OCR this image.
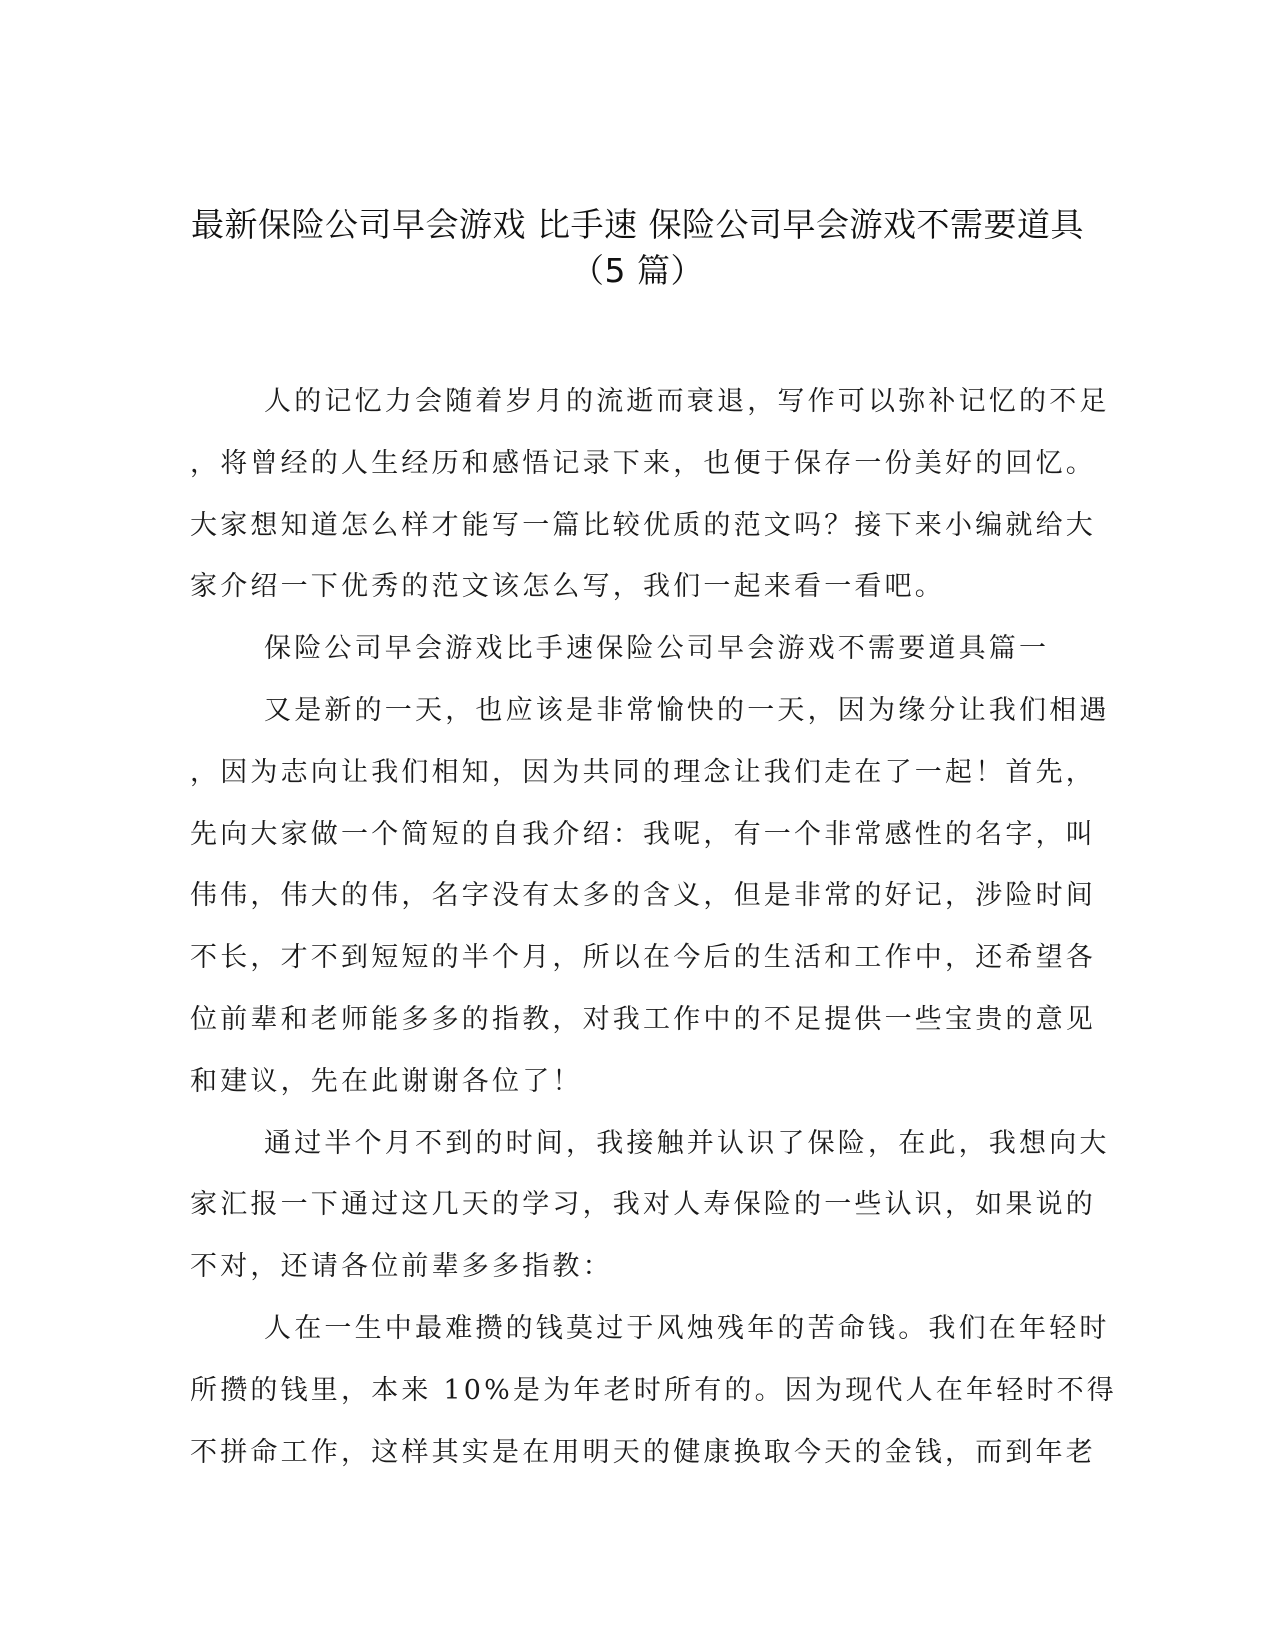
最新保险公司早会游戏 比手速 保险公司早会游戏不需要道具
（5 篇）
人的记忆力会随着岁月的流逝而衰退，写作可以弥补记忆的不足
，将曾经的人生经历和感悟记录下来，也便于保存一份美好的回忆。
大家想知道怎么样才能写一篇比较优质的范文吗？接下来小编就给大
家介绍一下优秀的范文该怎么写，我们一起来看一看吧。
保险公司早会游戏比手速保险公司早会游戏不需要道具篇一
又是新的一天，也应该是非常愉快的一天，因为缘分让我们相遇
，因为志向让我们相知，因为共同的理念让我们走在了一起！首先，
先向大家做一个简短的自我介绍：我呢，有一个非常感性的名字，叫
伟伟，伟大的伟，名字没有太多的含义，但是非常的好记，涉险时间
不长，才不到短短的半个月，所以在今后的生活和工作中，还希望各
位前辈和老师能多多的指教，对我工作中的不足提供一些宝贵的意见
和建议，先在此谢谢各位了！
通过半个月不到的时间，我接触并认识了保险，在此，我想向大
家汇报一下通过这几天的学习，我对人寿保险的一些认识，如果说的
不对，还请各位前辈多多指教：
人在一生中最难攒的钱莫过于风烛残年的苦命钱。我们在年轻时
所攒的钱里，本来 10%是为年老时所有的。因为现代人在年轻时不得
不拼命工作，这样其实是在用明天的健康换取今天的金钱，而到年老
